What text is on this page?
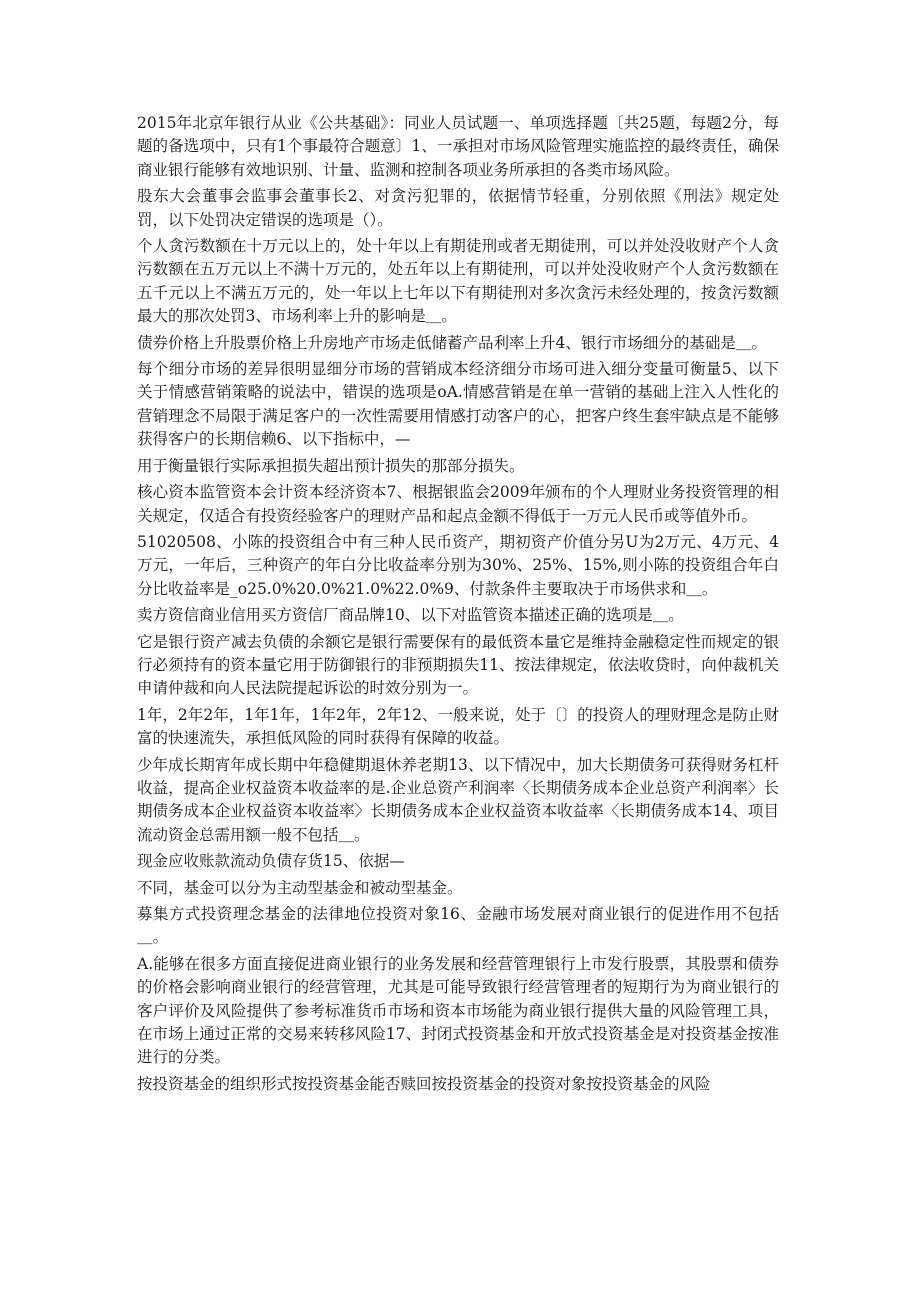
2015年北京年银行从业《公共基础》：同业人员试题一、单项选择题〔共25题，每题2分，每题的备选项中，只有1个事最符合题意〕1、一承担对市场风险管理实施监控的最终责任，确保商业银行能够有效地识别、计量、监测和控制各项业务所承担的各类市场风险。

股东大会董事会监事会董事长2、对贪污犯罪的，依据情节轻重，分别依照《刑法》规定处罚，以下处罚决定错误的选项是（）。

个人贪污数额在十万元以上的，处十年以上有期徒刑或者无期徒刑，可以并处没收财产个人贪污数额在五万元以上不满十万元的，处五年以上有期徒刑，可以并处没收财产个人贪污数额在五千元以上不满五万元的，处一年以上七年以下有期徒刑对多次贪污未经处理的，按贪污数额最大的那次处罚3、市场利率上升的影响是＿。

债券价格上升股票价格上升房地产市场走低储蓄产品利率上升4、银行市场细分的基础是＿。

每个细分市场的差异很明显细分市场的营销成本经济细分市场可进入细分变量可衡量5、以下关于情感营销策略的说法中，错误的选项是oA.情感营销是在单一营销的基础上注入人性化的营销理念不局限于满足客户的一次性需要用情感打动客户的心，把客户终生套牢缺点是不能够获得客户的长期信赖6、以下指标中，—

用于衡量银行实际承担损失超出预计损失的那部分损失。

核心资本监管资本会计资本经济资本7、根据银监会2009年颁布的个人理财业务投资管理的相关规定，仅适合有投资经验客户的理财产品和起点金额不得低于一万元人民币或等值外币。

51020508、小陈的投资组合中有三种人民币资产，期初资产价值分另U为2万元、4万元、4万元，一年后，三种资产的年白分比收益率分别为30%、25%、15%,则小陈的投资组合年白分比收益率是_o25.0%20.0%21.0%22.0%9、付款条件主要取决于市场供求和＿。

卖方资信商业信用买方资信厂商品牌10、以下对监管资本描述正确的选项是＿。

它是银行资产减去负债的余额它是银行需要保有的最低资本量它是维持金融稳定性而规定的银行必须持有的资本量它用于防御银行的非预期损失11、按法律规定，依法收贷时，向仲裁机关申请仲裁和向人民法院提起诉讼的时效分别为一。

1年，2年2年，1年1年，1年2年，2年12、一般来说，处于〔〕的投资人的理财理念是防止财富的快速流失，承担低风险的同时获得有保障的收益。

少年成长期宵年成长期中年稳健期退休养老期13、以下情况中，加大长期债务可获得财务杠杆收益，提高企业权益资本收益率的是.企业总资产利润率〈长期债务成本企业总资产利润率〉长期债务成本企业权益资本收益率〉长期债务成本企业权益资本收益率〈长期债务成本14、项目流动资金总需用额一般不包括＿。

现金应收账款流动负债存货15、依据—

不同，基金可以分为主动型基金和被动型基金。

募集方式投资理念基金的法律地位投资对象16、金融市场发展对商业银行的促进作用不包括＿。

A.能够在很多方面直接促进商业银行的业务发展和经营管理银行上市发行股票，其股票和债券的价格会影响商业银行的经营管理，尤其是可能导致银行经营管理者的短期行为为商业银行的客户评价及风险提供了参考标准货币市场和资本市场能为商业银行提供大量的风险管理工具，在市场上通过正常的交易来转移风险17、封闭式投资基金和开放式投资基金是对投资基金按准进行的分类。

按投资基金的组织形式按投资基金能否赎回按投资基金的投资对象按投资基金的风险
